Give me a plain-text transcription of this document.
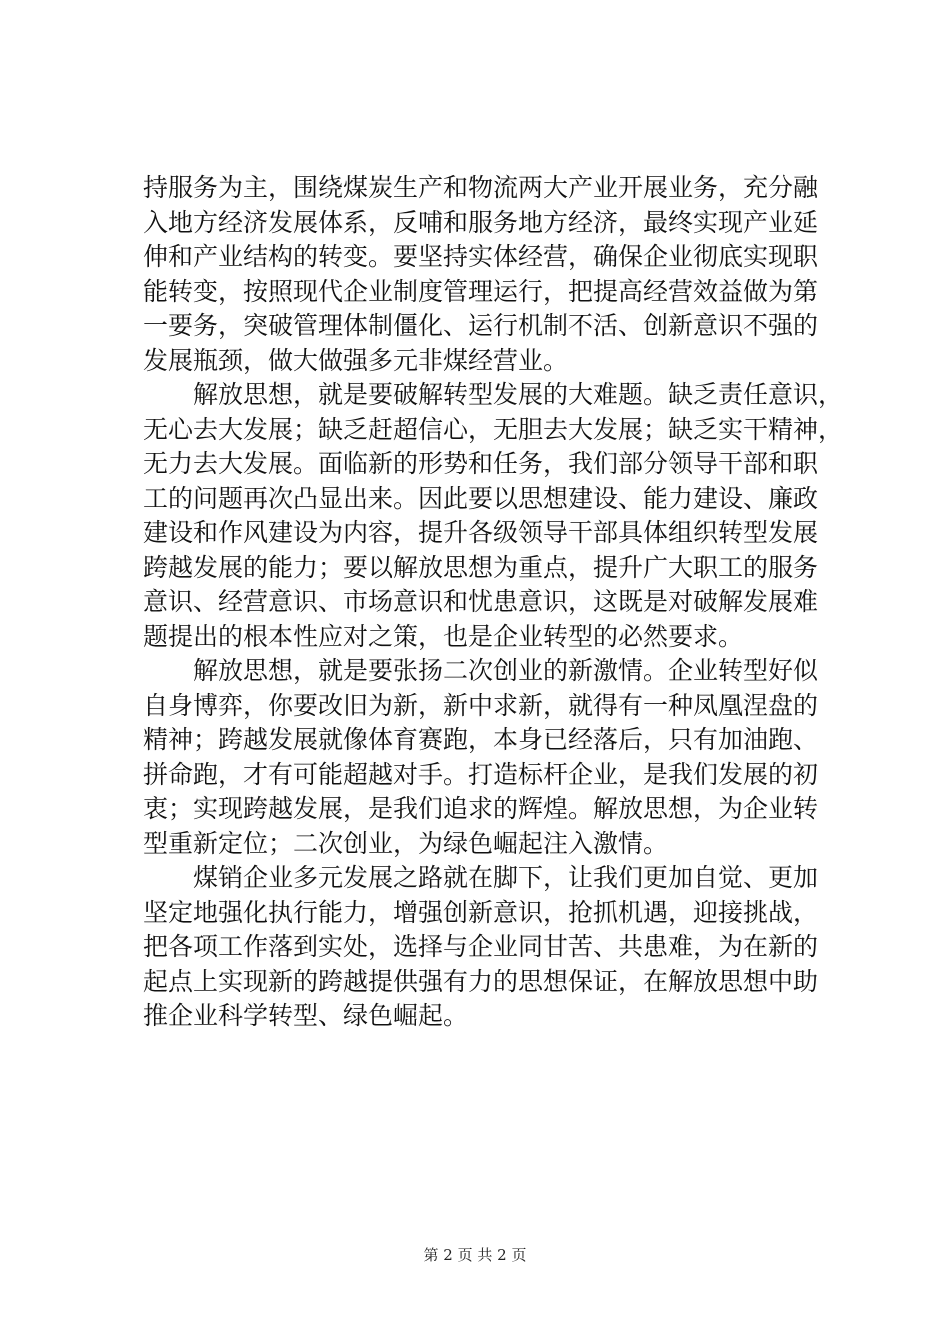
持服务为主，围绕煤炭生产和物流两大产业开展业务，充分融
入地方经济发展体系，反哺和服务地方经济，最终实现产业延
伸和产业结构的转变。要坚持实体经营，确保企业彻底实现职
能转变，按照现代企业制度管理运行，把提高经营效益做为第
一要务，突破管理体制僵化、运行机制不活、创新意识不强的
发展瓶颈，做大做强多元非煤经营业。
解放思想，就是要破解转型发展的大难题。缺乏责任意识，
无心去大发展；缺乏赶超信心，无胆去大发展；缺乏实干精神，
无力去大发展。面临新的形势和任务，我们部分领导干部和职
工的问题再次凸显出来。因此要以思想建设、能力建设、廉政
建设和作风建设为内容，提升各级领导干部具体组织转型发展
跨越发展的能力；要以解放思想为重点，提升广大职工的服务
意识、经营意识、市场意识和忧患意识，这既是对破解发展难
题提出的根本性应对之策，也是企业转型的必然要求。
解放思想，就是要张扬二次创业的新激情。企业转型好似
自身博弈，你要改旧为新，新中求新，就得有一种凤凰涅盘的
精神；跨越发展就像体育赛跑，本身已经落后，只有加油跑、
拼命跑，才有可能超越对手。打造标杆企业，是我们发展的初
衷；实现跨越发展，是我们追求的辉煌。解放思想，为企业转
型重新定位；二次创业，为绿色崛起注入激情。
煤销企业多元发展之路就在脚下，让我们更加自觉、更加
坚定地强化执行能力，增强创新意识，抢抓机遇，迎接挑战，
把各项工作落到实处，选择与企业同甘苦、共患难，为在新的
起点上实现新的跨越提供强有力的思想保证，在解放思想中助
推企业科学转型、绿色崛起。
第 2 页 共 2 页
